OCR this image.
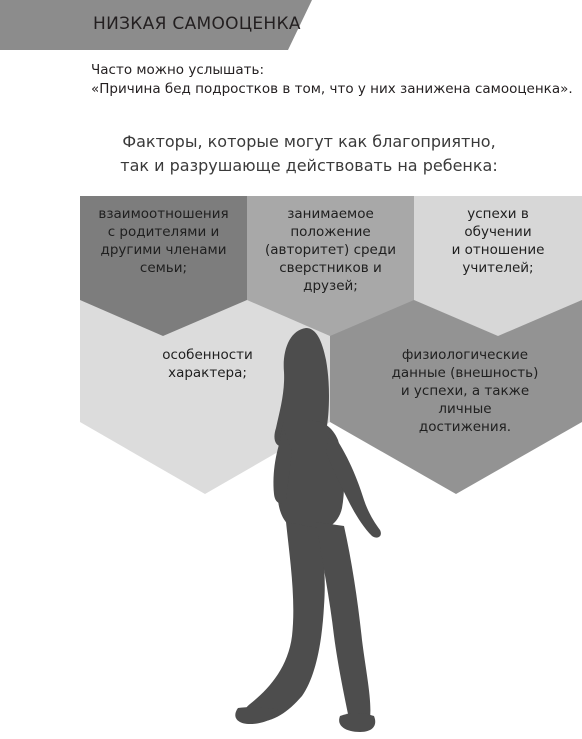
НИЗКАЯ САМООЦЕНКА
Часто можно услышать:
«Причина бед подростков в том, что у них занижена самооценка».
Факторы, которые могут как благоприятно,
так и разрушающе действовать на ребенка:
взаимоотношения
с родителями и
другими членами
семьи;
занимаемое
положение
(авторитет) среди
сверстников и
друзей;
успехи в
обучении
и отношение
учителей;
особенности
характера;
физиологические
данные (внешность)
и успехи, а также
личные
достижения.
